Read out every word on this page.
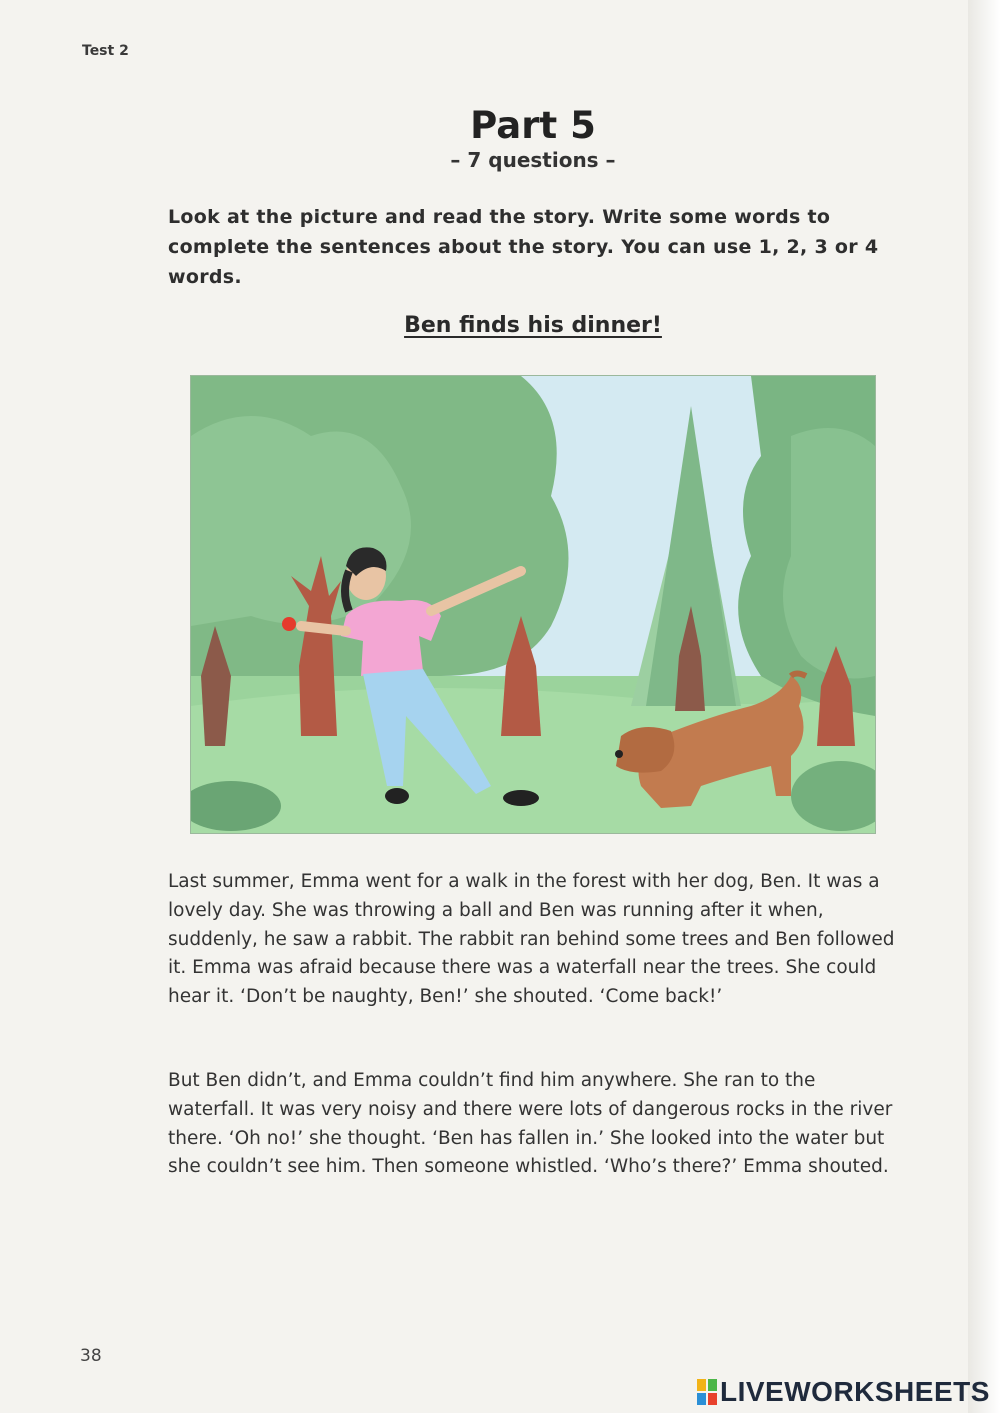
Test 2
Part 5
– 7 questions –
Look at the picture and read the story. Write some words to complete the sentences about the story. You can use 1, 2, 3 or 4 words.
Ben finds his dinner!
Last summer, Emma went for a walk in the forest with her dog, Ben. It was a lovely day. She was throwing a ball and Ben was running after it when, suddenly, he saw a rabbit. The rabbit ran behind some trees and Ben followed it. Emma was afraid because there was a waterfall near the trees. She could hear it. ‘Don’t be naughty, Ben!’ she shouted. ‘Come back!’
But Ben didn’t, and Emma couldn’t find him anywhere. She ran to the waterfall. It was very noisy and there were lots of dangerous rocks in the river there. ‘Oh no!’ she thought. ‘Ben has fallen in.’ She looked into the water but she couldn’t see him. Then someone whistled. ‘Who’s there?’ Emma shouted.
38
LIVEWORKSHEETS
